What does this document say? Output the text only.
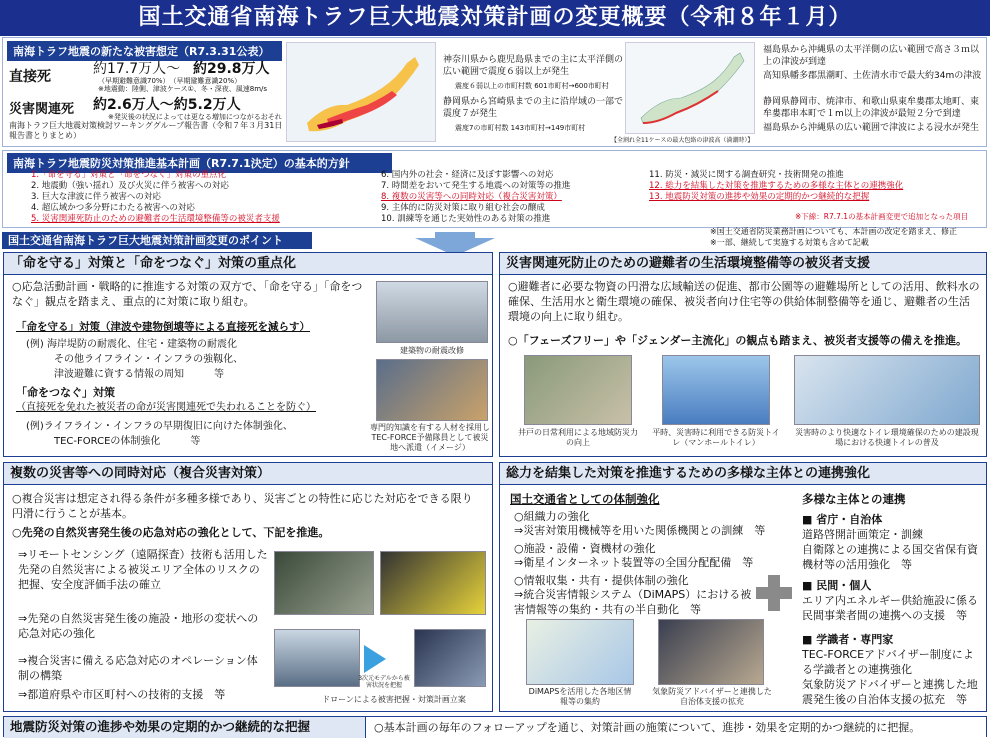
国土交通省南海トラフ巨大地震対策計画の変更概要（令和８年１月）
南海トラフ地震の新たな被害想定（R7.3.31公表）
直接死	約17.7万人～ 約29.8万人
（早期避難意識70%）　（早期避難意識20%）
※地震動：陸側、津波ケース①、冬・深夜、風速8m/s
災害関連死 約2.6万人～約5.2万人
※発災後の状況によっては更なる増加につながるおそれ
南海トラフ巨大地震対策検討ワーキンググループ報告書（令和７年３月31日報告書とりまとめ）
神奈川県から鹿児島県までの主に太平洋側の広い範囲で震度６弱以上が発生
震度６弱以上の市町村数 601市町村→600市町村
静岡県から宮崎県までの主に沿岸域の一部で震度７が発生
震度7の市町村数 143市町村→149市町村
【全割れ全11ケースの最大包絡の津波高（満潮時）】
福島県から沖縄県の太平洋側の広い範囲で高さ３ｍ以上の津波が到達
高知県幡多郡黒潮町、土佐清水市で最大約34mの津波
静岡県静岡市、焼津市、和歌山県東牟婁郡太地町、東牟婁郡串本町で１m以上の津波が最短２分で到達
福島県から沖縄県の広い範囲で津波による浸水が発生
南海トラフ地震防災対策推進基本計画（R7.7.1決定）の基本的方針
1.「命を守る」対策と「命をつなぐ」対策の重点化
2. 地震動（強い揺れ）及び火災に伴う被害への対応
3. 巨大な津波に伴う被害への対応
4. 超広域かつ多分野にわたる被害への対応
5. 災害関連死防止のための避難者の生活環境整備等の被災者支援
6. 国内外の社会・経済に及ぼす影響への対応
7. 時間差をおいて発生する地震への対策等の推進
8. 複数の災害等への同時対応（複合災害対策）
9. 主体的に防災対策に取り組む社会の醸成
10. 訓練等を通じた実効性のある対策の推進
11. 防災・減災に関する調査研究・技術開発の推進
12. 総力を結集した対策を推進するための多様な主体との連携強化
13. 地震防災対策の進捗や効果の定期的かつ継続的な把握
※下線：R7.7.1の基本計画変更で追加となった項目
国土交通省南海トラフ巨大地震対策計画変更のポイント
※国土交通省防災業務計画についても、本計画の改定を踏まえ、修正
※一部、継続して実施する対策も含めて記載
「命を守る」対策と「命をつなぐ」対策の重点化
○応急活動計画・戦略的に推進する対策の双方で、「命を守る」「命をつなぐ」観点を踏まえ、重点的に対策に取り組む。
「命を守る」対策（津波や建物倒壊等による直接死を減らす）
(例) 海岸堤防の耐震化、住宅・建築物の耐震化
その他ライフライン・インフラの強靱化、
津波避難に資する情報の周知　　　等
「命をつなぐ」対策
（直接死を免れた被災者の命が災害関連死で失われることを防ぐ）
(例)ライフライン・インフラの早期復旧に向けた体制強化、
TEC-FORCEの体制強化　　　等
建築物の耐震改修
専門的知識を有する人材を採用しTEC-FORCE予備隊員として被災地へ派遣（イメージ）
災害関連死防止のための避難者の生活環境整備等の被災者支援
○避難者に必要な物資の円滑な広域輸送の促進、都市公園等の避難場所としての活用、飲料水の確保、生活用水と衛生環境の確保、被災者向け住宅等の供給体制整備等を通じ、避難者の生活環境の向上に取り組む。
○「フェーズフリー」や「ジェンダー主流化」の観点も踏まえ、被災者支援等の備えを推進。
井戸の日常利用による地域防災力の向上
平時、災害時に利用できる防災トイレ（マンホールトイレ）
災害時のより快適なトイレ環境確保のための建設現場における快適トイレの普及
複数の災害等への同時対応（複合災害対策）
○複合災害は想定され得る条件が多種多様であり、災害ごとの特性に応じた対応をできる限り円滑に行うことが基本。
○先発の自然災害発生後の応急対応の強化として、下記を推進。
⇒リモートセンシング（遠隔探査）技術も活用した先発の自然災害による被災エリア全体のリスクの把握、安全度評価手法の確立
⇒先発の自然災害発生後の施設・地形の変状への応急対応の強化
⇒複合災害に備える応急対応のオペレーション体制の構築
⇒都道府県や市区町村への技術的支援　等
3次元モデルから被害状況を把握
ドローンによる被害把握・対策計画立案
総力を結集した対策を推進するための多様な主体との連携強化
国土交通省としての体制強化
○組織力の強化
⇒災害対策用機械等を用いた関係機関との訓練　等
○施設・設備・資機材の強化
⇒衛星インターネット装置等の全国分配配備　等
○情報収集・共有・提供体制の強化
⇒統合災害情報システム（DiMAPS）における被害情報等の集約・共有の半自動化　等
DiMAPSを活用した各地区情報等の集約
気象防災アドバイザーと連携した自治体支援の拡充
多様な主体との連携
■ 省庁・自治体
道路啓開計画策定・訓練
自衛隊との連携による国交省保有資機材等の活用強化　等
■ 民間・個人
エリア内エネルギー供給施設に係る民間事業者間の連携への支援　等
■ 学識者・専門家
TEC-FORCEアドバイザー制度による学識者との連携強化
気象防災アドバイザーと連携した地震発生後の自治体支援の拡充　等
地震防災対策の進捗や効果の定期的かつ継続的な把握	○基本計画の毎年のフォローアップを通じ、対策計画の施策について、進捗・効果を定期的かつ継続的に把握。
